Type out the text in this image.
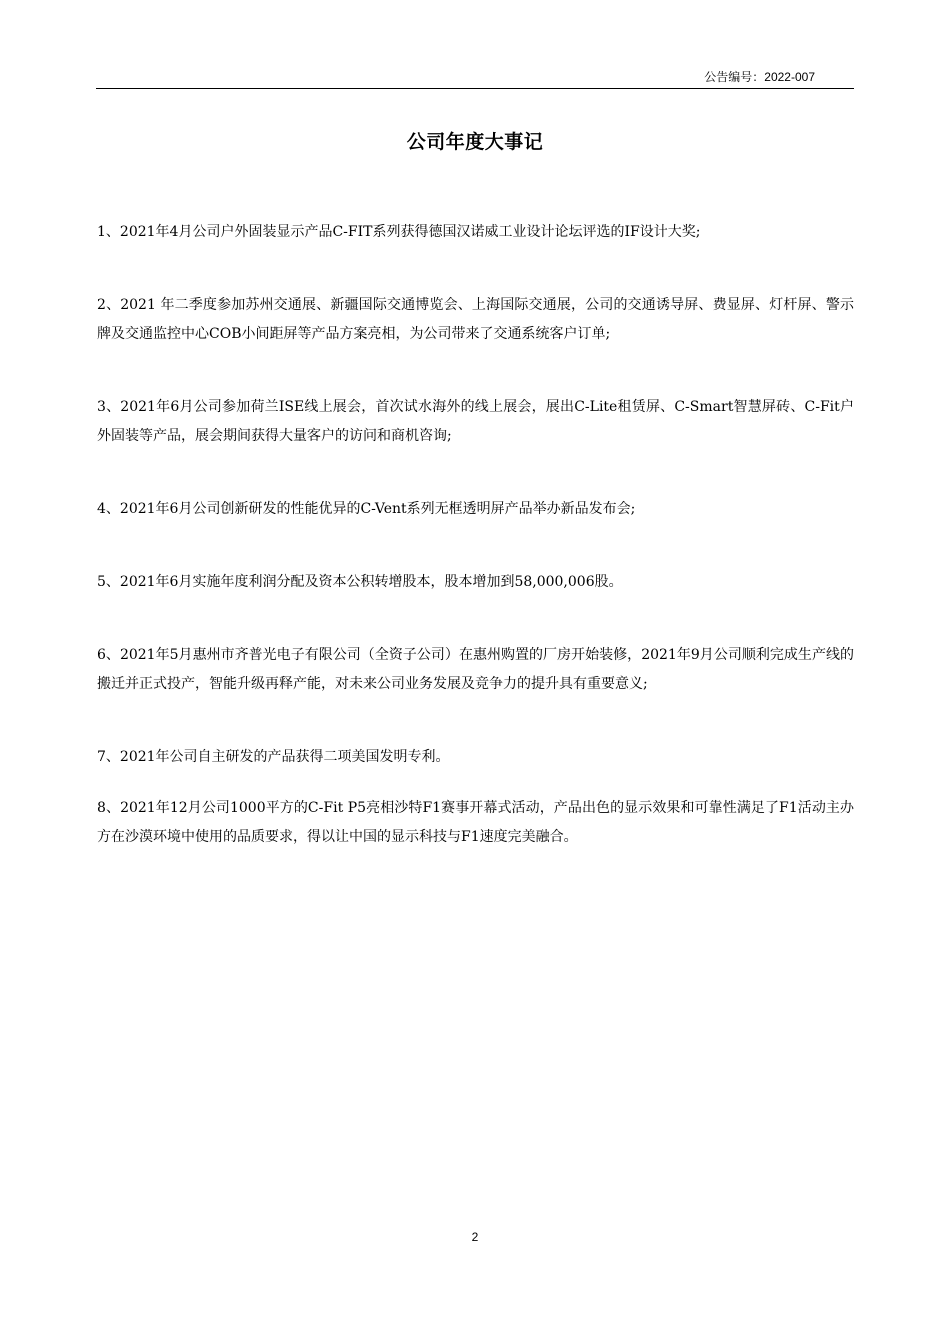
公告编号：2022-007
公司年度大事记

1、2021年4月公司户外固装显示产品C-FIT系列获得德国汉诺威工业设计论坛评选的IF设计大奖;

2、2021 年二季度参加苏州交通展、新疆国际交通博览会、上海国际交通展，公司的交通诱导屏、费显屏、灯杆屏、警示牌及交通监控中心COB小间距屏等产品方案亮相，为公司带来了交通系统客户订单;

3、2021年6月公司参加荷兰ISE线上展会，首次试水海外的线上展会，展出C-Lite租赁屏、C-Smart智慧屏砖、C-Fit户外固装等产品，展会期间获得大量客户的访问和商机咨询;

4、2021年6月公司创新研发的性能优异的C-Vent系列无框透明屏产品举办新品发布会;

5、2021年6月实施年度利润分配及资本公积转增股本，股本增加到58,000,006股。

6、2021年5月惠州市齐普光电子有限公司（全资子公司）在惠州购置的厂房开始装修，2021年9月公司顺利完成生产线的搬迁并正式投产，智能升级再释产能，对未来公司业务发展及竞争力的提升具有重要意义;

7、2021年公司自主研发的产品获得二项美国发明专利。

8、2021年12月公司1000平方的C-Fit P5亮相沙特F1赛事开幕式活动，产品出色的显示效果和可靠性满足了F1活动主办方在沙漠环境中使用的品质要求，得以让中国的显示科技与F1速度完美融合。

2
